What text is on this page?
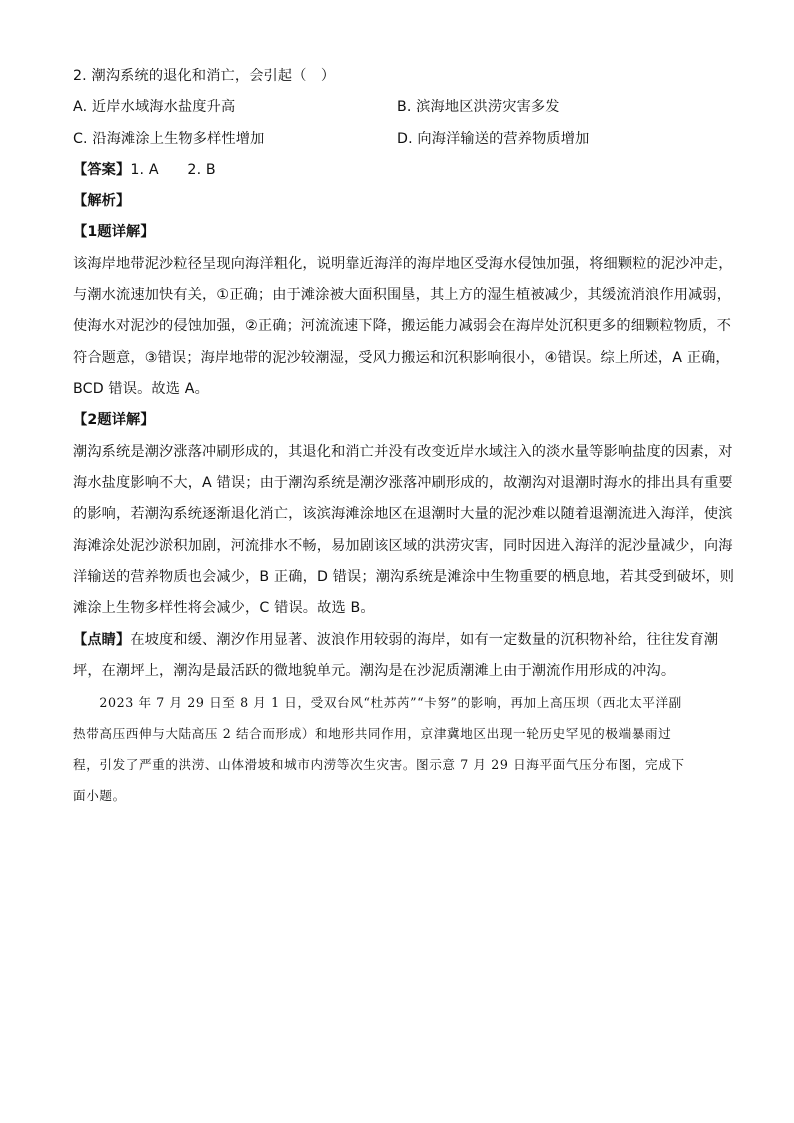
2. 潮沟系统的退化和消亡，会引起（　）
A. 近岸水域海水盐度升高	B. 滨海地区洪涝灾害多发
C. 沿海滩涂上生物多样性增加	D. 向海洋输送的营养物质增加
【答案】1. A　　2. B
【解析】
【1题详解】
该海岸地带泥沙粒径呈现向海洋粗化，说明靠近海洋的海岸地区受海水侵蚀加强，将细颗粒的泥沙冲走，
与潮水流速加快有关，①正确；由于滩涂被大面积围垦，其上方的湿生植被减少，其缓流消浪作用减弱，
使海水对泥沙的侵蚀加强，②正确；河流流速下降，搬运能力减弱会在海岸处沉积更多的细颗粒物质，不
符合题意，③错误；海岸地带的泥沙较潮湿，受风力搬运和沉积影响很小，④错误。综上所述，A 正确，
BCD 错误。故选 A。
【2题详解】
潮沟系统是潮汐涨落冲刷形成的，其退化和消亡并没有改变近岸水域注入的淡水量等影响盐度的因素，对
海水盐度影响不大，A 错误；由于潮沟系统是潮汐涨落冲刷形成的，故潮沟对退潮时海水的排出具有重要
的影响，若潮沟系统逐渐退化消亡，该滨海滩涂地区在退潮时大量的泥沙难以随着退潮流进入海洋，使滨
海滩涂处泥沙淤积加剧，河流排水不畅，易加剧该区域的洪涝灾害，同时因进入海洋的泥沙量减少，向海
洋输送的营养物质也会减少，B 正确，D 错误；潮沟系统是滩涂中生物重要的栖息地，若其受到破坏，则
滩涂上生物多样性将会减少，C 错误。故选 B。
【点睛】在坡度和缓、潮汐作用显著、波浪作用较弱的海岸，如有一定数量的沉积物补给，往往发育潮
坪，在潮坪上，潮沟是最活跃的微地貌单元。潮沟是在沙泥质潮滩上由于潮流作用形成的冲沟。
　　2023 年 7 月 29 日至 8 月 1 日，受双台风“杜苏芮”“卡努”的影响，再加上高压坝（西北太平洋副
热带高压西伸与大陆高压 2 结合而形成）和地形共同作用，京津冀地区出现一轮历史罕见的极端暴雨过
程，引发了严重的洪涝、山体滑坡和城市内涝等次生灾害。图示意 7 月 29 日海平面气压分布图，完成下
面小题。
